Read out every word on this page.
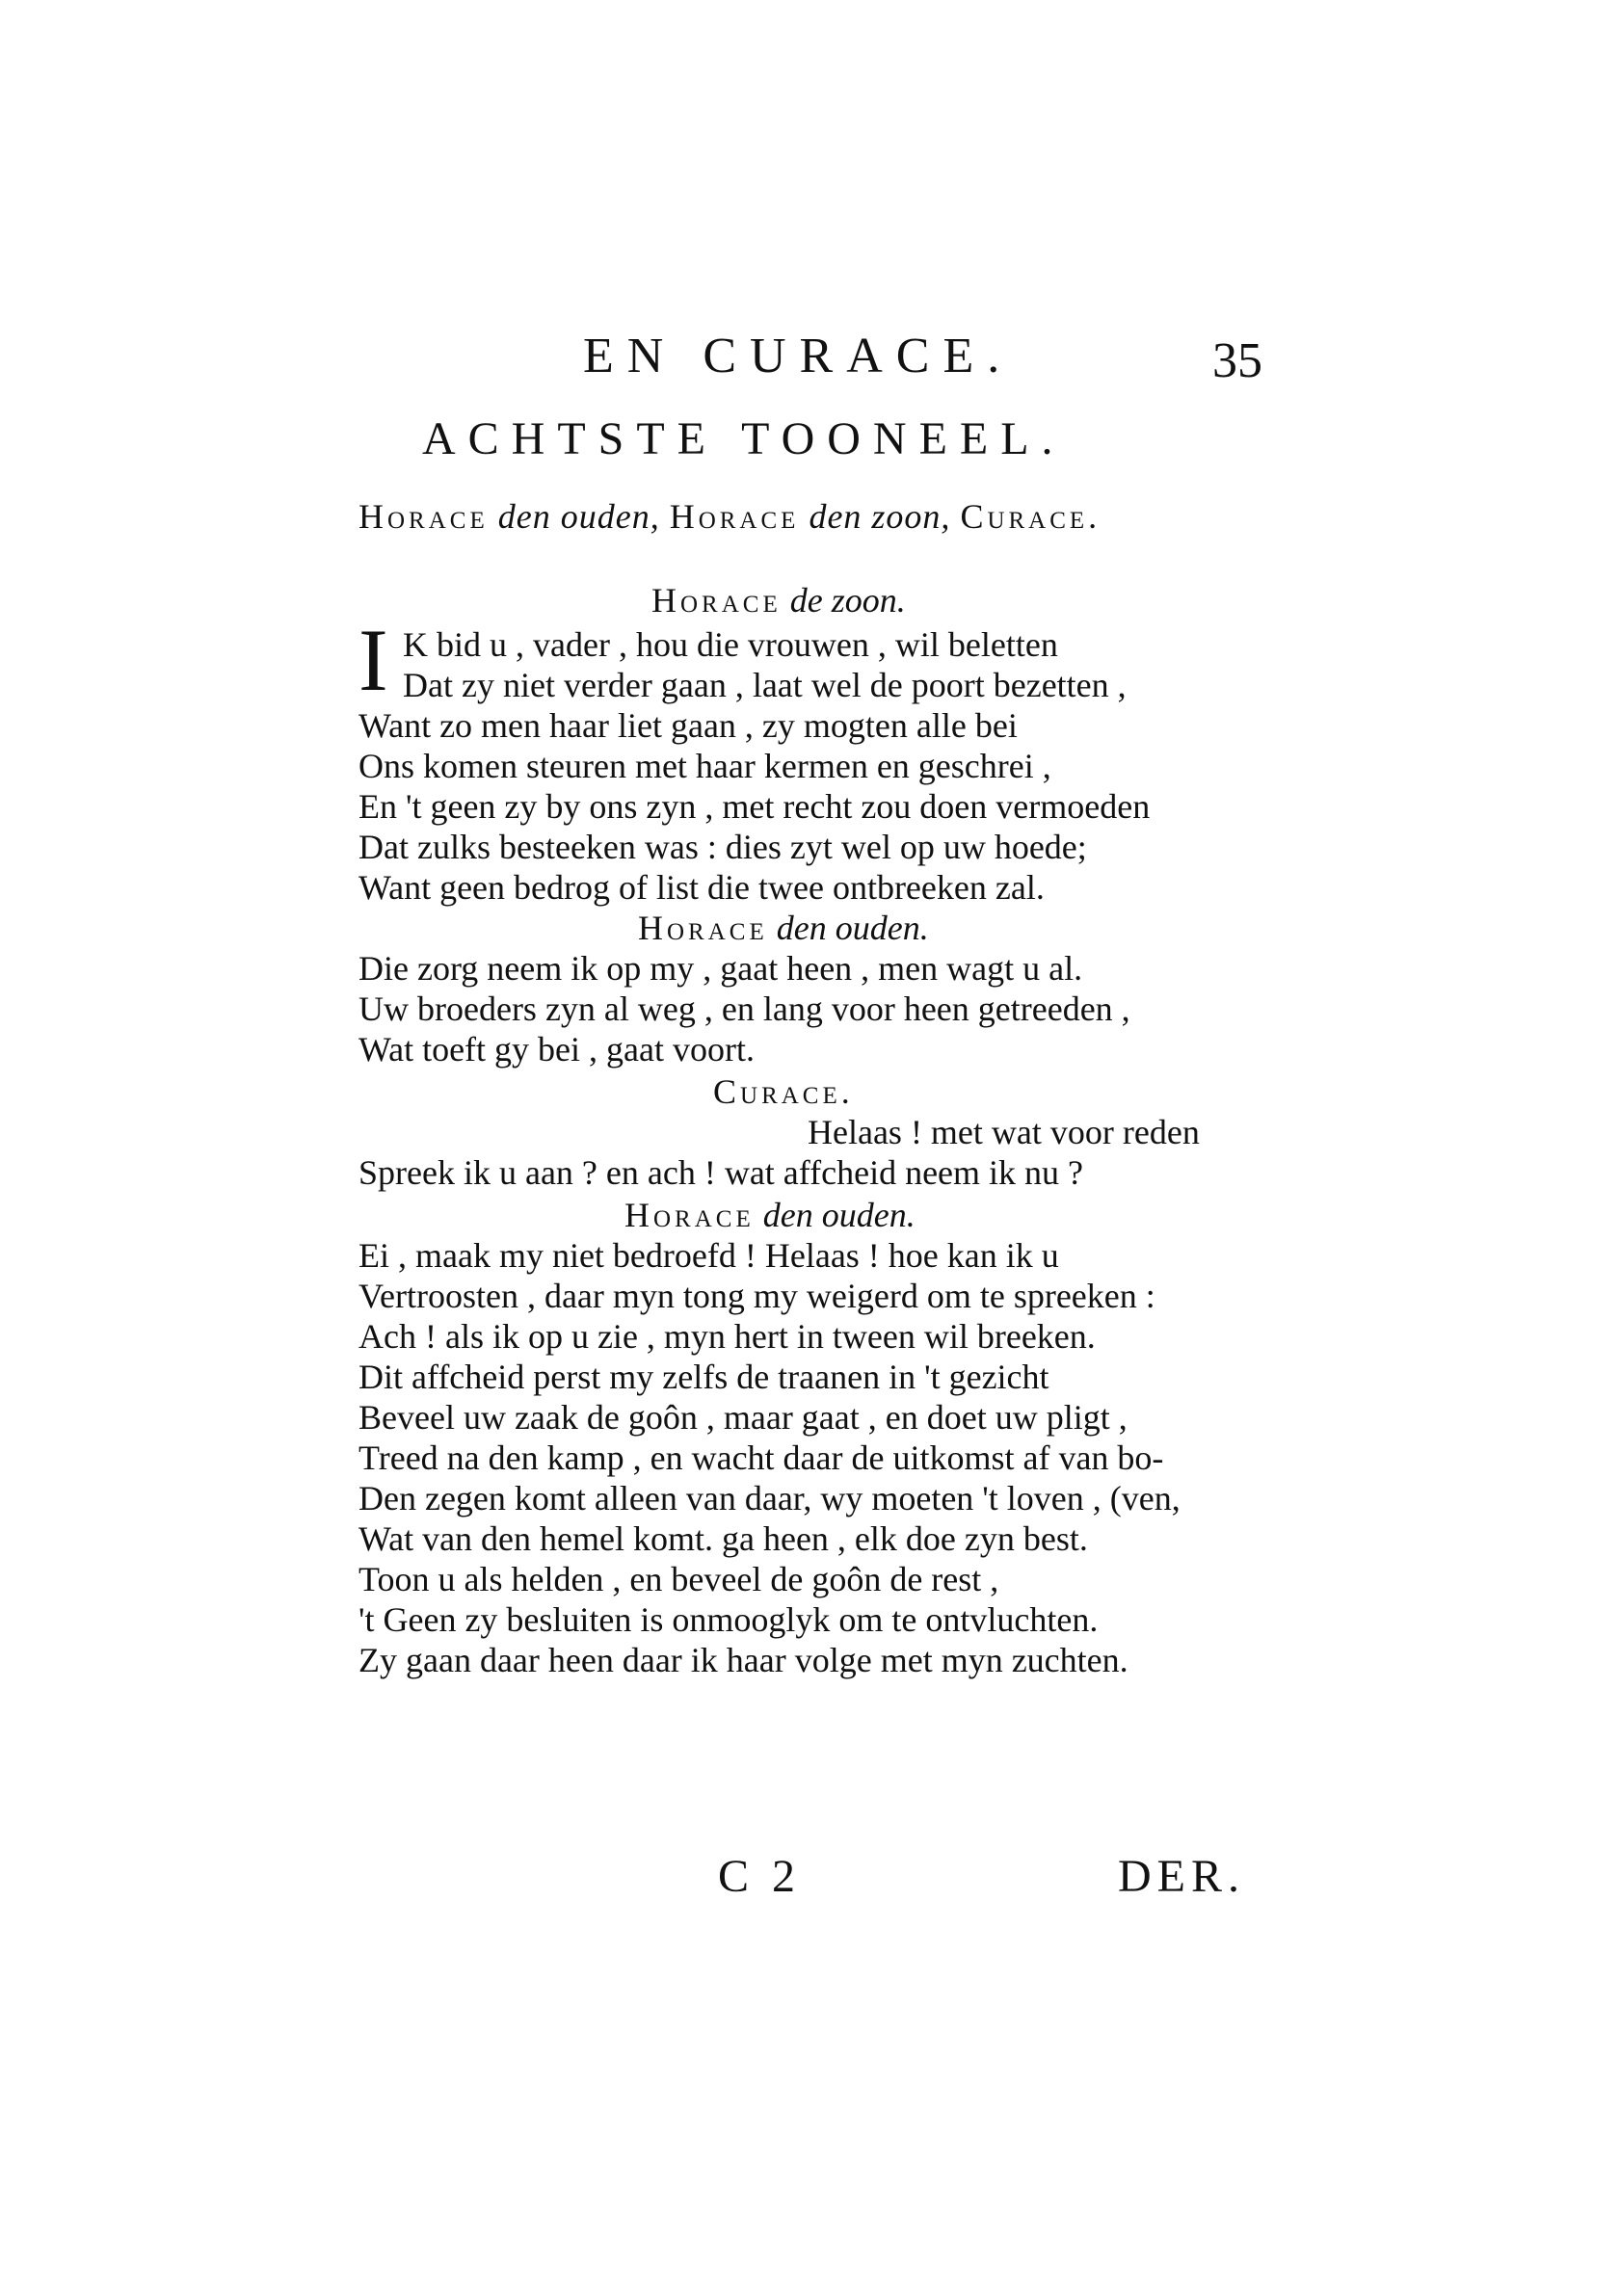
EN CURACE.	35
ACHTSTE TOONEEL.
Horace den ouden, Horace den zoon, Curace.
Horace de zoon.
I K bid u , vader , hou die vrouwen , wil beletten
Dat zy niet verder gaan , laat wel de poort bezetten ,
Want zo men haar liet gaan , zy mogten alle bei
Ons komen steuren met haar kermen en geschrei ,
En 't geen zy by ons zyn , met recht zou doen vermoeden
Dat zulks besteeken was : dies zyt wel op uw hoede;
Want geen bedrog of list die twee ontbreeken zal.
Horace den ouden.
Die zorg neem ik op my , gaat heen , men wagt u al.
Uw broeders zyn al weg , en lang voor heen getreeden ,
Wat toeft gy bei , gaat voort.
Curace.
Helaas ! met wat voor reden
Spreek ik u aan ? en ach ! wat affcheid neem ik nu ?
Horace den ouden.
Ei , maak my niet bedroefd ! Helaas ! hoe kan ik u
Vertroosten , daar myn tong my weigerd om te spreeken :
Ach ! als ik op u zie , myn hert in tween wil breeken.
Dit affcheid perst my zelfs de traanen in 't gezicht
Beveel uw zaak de goôn , maar gaat , en doet uw pligt ,
Treed na den kamp , en wacht daar de uitkomst af van bo-
Den zegen komt alleen van daar, wy moeten 't loven , (ven,
Wat van den hemel komt. ga heen , elk doe zyn best.
Toon u als helden , en beveel de goôn de rest ,
't Geen zy besluiten is onmooglyk om te ontvluchten.
Zy gaan daar heen daar ik haar volge met myn zuchten.
C 2	DER.
